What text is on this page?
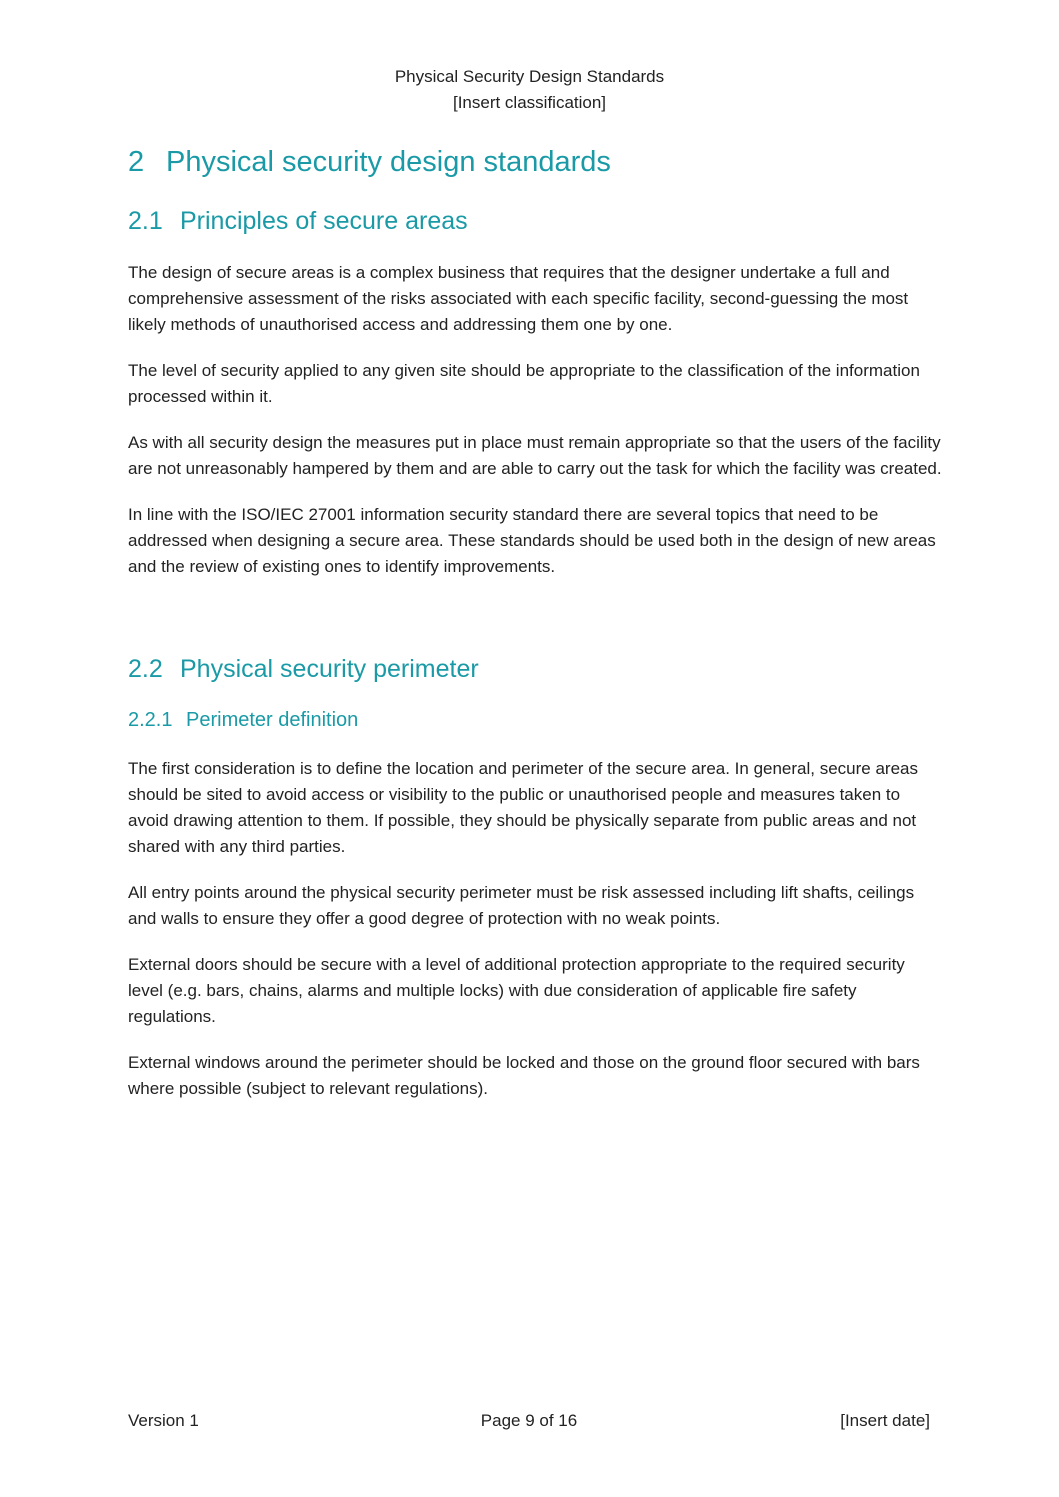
Physical Security Design Standards
[Insert classification]
2 Physical security design standards
2.1 Principles of secure areas

The design of secure areas is a complex business that requires that the designer undertake a full and comprehensive assessment of the risks associated with each specific facility, second-guessing the most likely methods of unauthorised access and addressing them one by one.

The level of security applied to any given site should be appropriate to the classification of the information processed within it.

As with all security design the measures put in place must remain appropriate so that the users of the facility are not unreasonably hampered by them and are able to carry out the task for which the facility was created.

In line with the ISO/IEC 27001 information security standard there are several topics that need to be addressed when designing a secure area. These standards should be used both in the design of new areas and the review of existing ones to identify improvements.

2.2 Physical security perimeter
2.2.1 Perimeter definition

The first consideration is to define the location and perimeter of the secure area. In general, secure areas should be sited to avoid access or visibility to the public or unauthorised people and measures taken to avoid drawing attention to them. If possible, they should be physically separate from public areas and not shared with any third parties.

All entry points around the physical security perimeter must be risk assessed including lift shafts, ceilings and walls to ensure they offer a good degree of protection with no weak points.

External doors should be secure with a level of additional protection appropriate to the required security level (e.g. bars, chains, alarms and multiple locks) with due consideration of applicable fire safety regulations.

External windows around the perimeter should be locked and those on the ground floor secured with bars where possible (subject to relevant regulations).

Version 1	Page 9 of 16	[Insert date]
